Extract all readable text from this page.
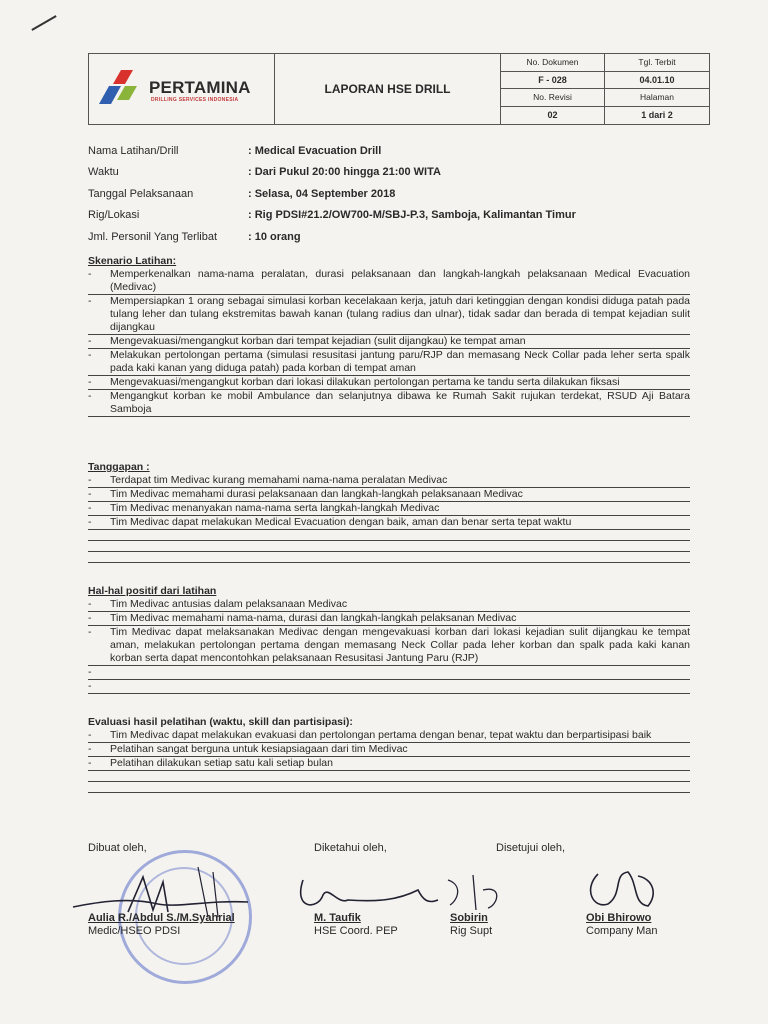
PERTAMINA
DRILLING SERVICES INDONESIA
LAPORAN HSE DRILL
No. Dokumen	Tgl. Terbit
F - 028	04.01.10
No. Revisi	Halaman
02	1 dari 2
Nama Latihan/Drill	: Medical Evacuation Drill
Waktu	: Dari Pukul 20:00 hingga 21:00 WITA
Tanggal Pelaksanaan	: Selasa, 04 September 2018
Rig/Lokasi	: Rig PDSI#21.2/OW700-M/SBJ-P.3, Samboja, Kalimantan Timur
Jml. Personil Yang Terlibat	: 10 orang
Skenario Latihan:
-	Memperkenalkan nama-nama peralatan, durasi pelaksanaan dan langkah-langkah pelaksanaan Medical Evacuation (Medivac)
-	Mempersiapkan 1 orang sebagai simulasi korban kecelakaan kerja, jatuh dari ketinggian dengan kondisi diduga patah pada tulang leher dan tulang ekstremitas bawah kanan (tulang radius dan ulnar), tidak sadar dan berada di tempat kejadian sulit dijangkau
-	Mengevakuasi/mengangkut korban dari tempat kejadian (sulit dijangkau) ke tempat aman
-	Melakukan pertolongan pertama (simulasi resusitasi jantung paru/RJP dan memasang Neck Collar pada leher serta spalk pada kaki kanan yang diduga patah) pada korban di tempat aman
-	Mengevakuasi/mengangkut korban dari lokasi dilakukan pertolongan pertama ke tandu serta dilakukan fiksasi
-	Mengangkut korban ke mobil Ambulance dan selanjutnya dibawa ke Rumah Sakit rujukan terdekat, RSUD Aji Batara Samboja
Tanggapan :
-	Terdapat tim Medivac kurang memahami nama-nama peralatan Medivac
-	Tim Medivac memahami durasi pelaksanaan dan langkah-langkah pelaksanaan Medivac
-	Tim Medivac menanyakan nama-nama serta langkah-langkah Medivac
-	Tim Medivac dapat melakukan Medical Evacuation dengan baik, aman dan benar serta tepat waktu
Hal-hal positif dari latihan
-	Tim Medivac antusias dalam pelaksanaan Medivac
-	Tim Medivac memahami nama-nama, durasi dan langkah-langkah pelaksanan Medivac
-	Tim Medivac dapat melaksanakan Medivac dengan mengevakuasi korban dari lokasi kejadian sulit dijangkau ke tempat aman, melakukan pertolongan pertama dengan memasang Neck Collar pada leher korban dan spalk pada kaki kanan korban serta dapat mencontohkan pelaksanaan Resusitasi Jantung Paru (RJP)
-
-
Evaluasi hasil pelatihan (waktu, skill dan partisipasi):
-	Tim Medivac dapat melakukan evakuasi dan pertolongan pertama dengan benar, tepat waktu dan berpartisipasi baik
-	Pelatihan sangat berguna untuk kesiapsiagaan dari tim Medivac
-	Pelatihan dilakukan setiap satu kali setiap bulan
Dibuat oleh,	Diketahui oleh,	Disetujui oleh,
Aulia R./Abdul S./M.Syahrial
Medic/HSEO PDSI
M. Taufik
HSE Coord. PEP
Sobirin
Rig Supt
Obi Bhirowo
Company Man
